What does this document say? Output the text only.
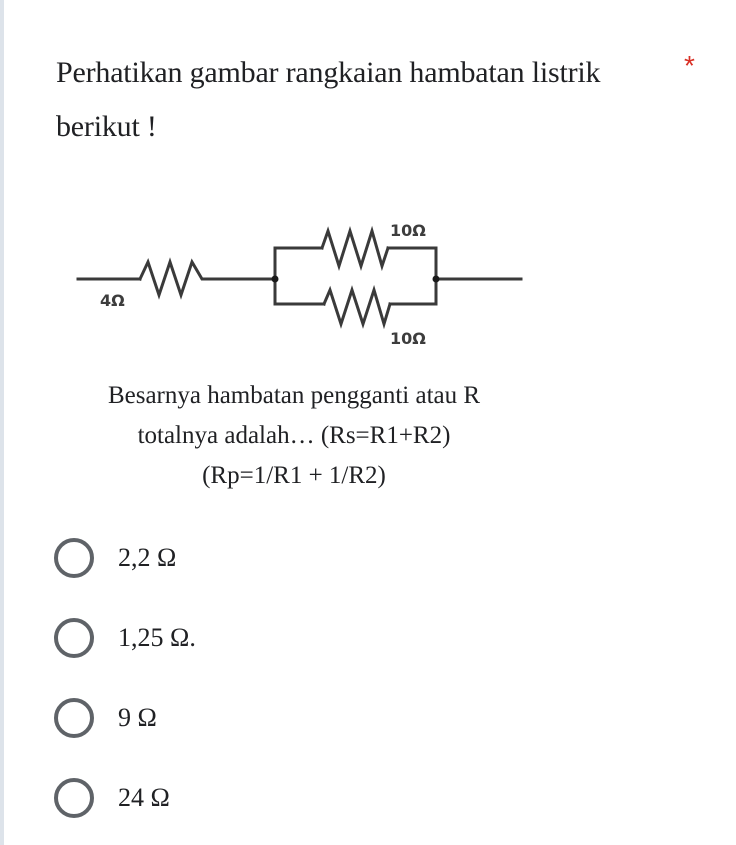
Perhatikan gambar rangkaian hambatan listrik berikut !
*
4Ω
10Ω
10Ω
Besarnya hambatan pengganti atau R
totalnya adalah… (Rs=R1+R2)
(Rp=1/R1 + 1/R2)
2,2 Ω
1,25 Ω.
9 Ω
24 Ω
